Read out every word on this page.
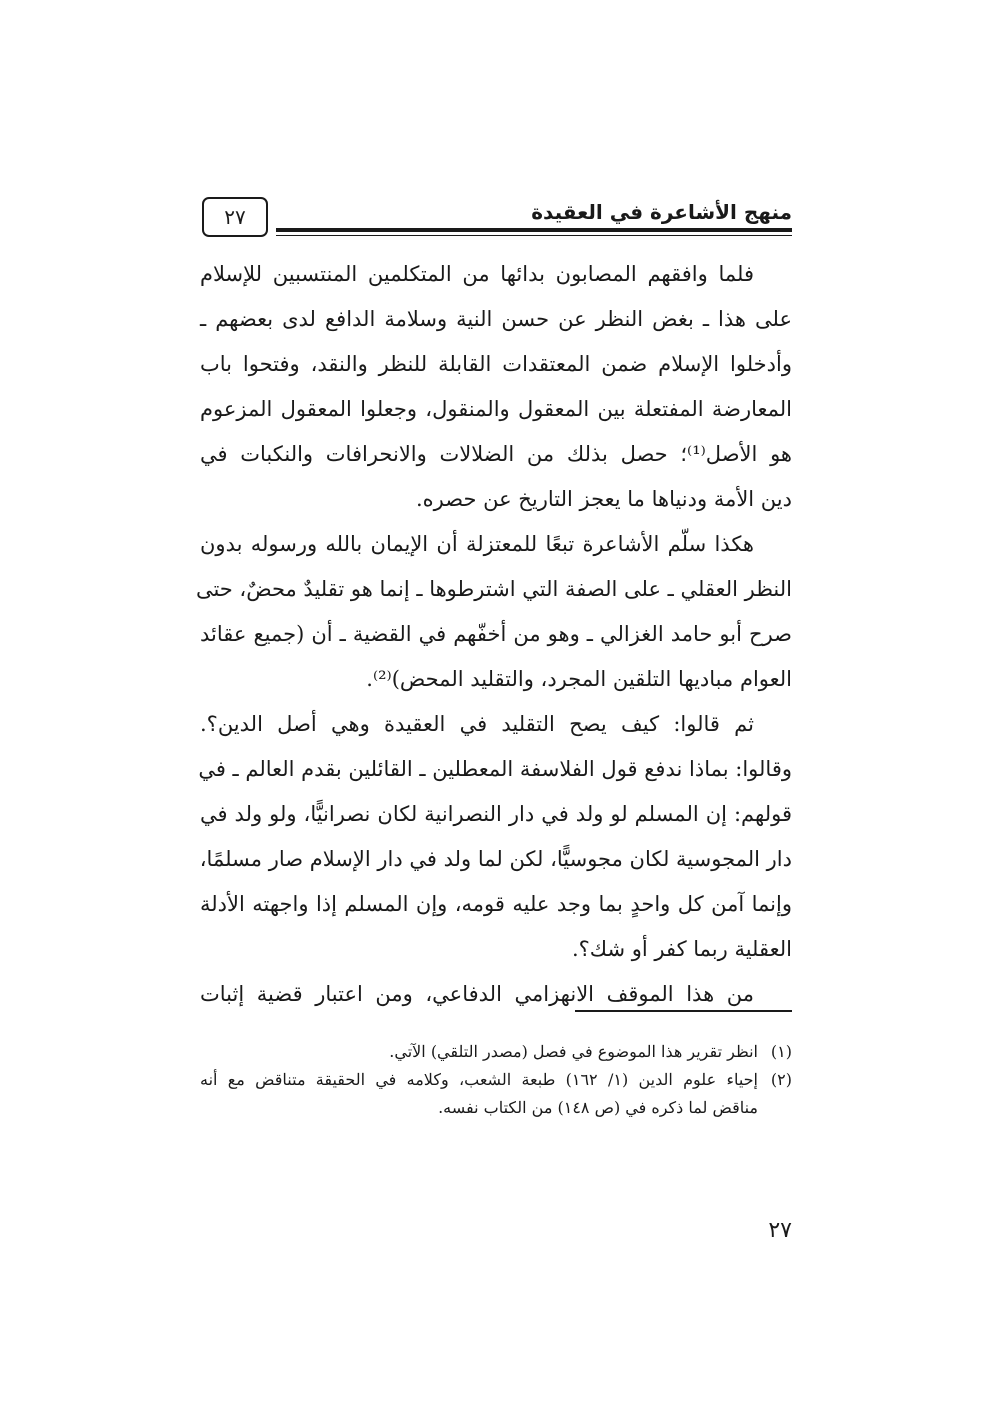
منهج الأشاعرة في العقيدة
٢٧

فلما وافقهم المصابون بدائها من المتكلمين المنتسبين للإسلام
على هذا ـ بغض النظر عن حسن النية وسلامة الدافع لدى بعضهم ـ
وأدخلوا الإسلام ضمن المعتقدات القابلة للنظر والنقد، وفتحوا باب
المعارضة المفتعلة بين المعقول والمنقول، وجعلوا المعقول المزعوم
هو الأصل⁽¹⁾؛ حصل بذلك من الضلالات والانحرافات والنكبات في
دين الأمة ودنياها ما يعجز التاريخ عن حصره.

هكذا سلّم الأشاعرة تبعًا للمعتزلة أن الإيمان بالله ورسوله بدون
النظر العقلي ـ على الصفة التي اشترطوها ـ إنما هو تقليدٌ محضٌ، حتى
صرح أبو حامد الغزالي ـ وهو من أخفّهم في القضية ـ أن (جميع عقائد
العوام مباديها التلقين المجرد، والتقليد المحض)⁽²⁾.

ثم قالوا: كيف يصح التقليد في العقيدة وهي أصل الدين؟.
وقالوا: بماذا ندفع قول الفلاسفة المعطلين ـ القائلين بقدم العالم ـ في
قولهم: إن المسلم لو ولد في دار النصرانية لكان نصرانيًّا، ولو ولد في
دار المجوسية لكان مجوسيًّا، لكن لما ولد في دار الإسلام صار مسلمًا،
وإنما آمن كل واحدٍ بما وجد عليه قومه، وإن المسلم إذا واجهته الأدلة
العقلية ربما كفر أو شك؟.

من هذا الموقف الانهزامي الدفاعي، ومن اعتبار قضية إثبات

(١)
انظر تقرير هذا الموضوع في فصل (مصدر التلقي) الآتي.
(٢)
إحياء علوم الدين (١/ ١٦٢) طبعة الشعب، وكلامه في الحقيقة متناقض مع أنه
مناقض لما ذكره في (ص ١٤٨) من الكتاب نفسه.
٢٧
